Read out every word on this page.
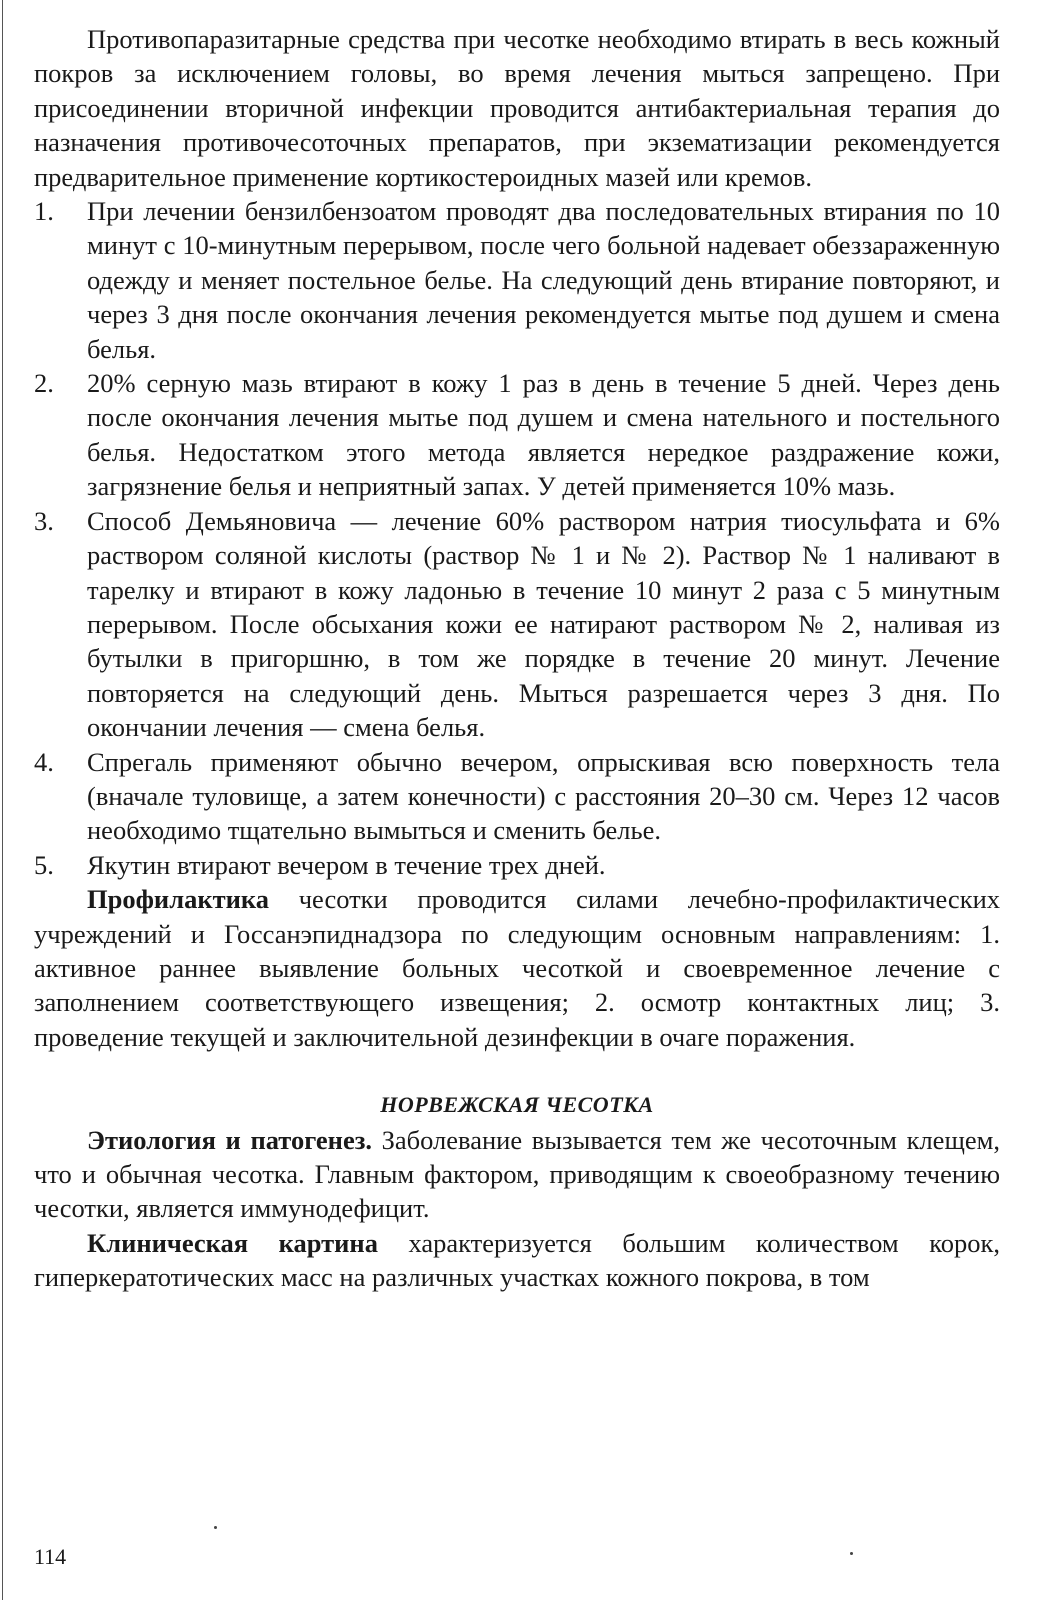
Противопаразитарные средства при чесотке необходимо втирать в весь кожный покров за исключением головы, во время лечения мыться запрещено. При присоединении вторичной инфекции проводится антибактериальная терапия до назначения противочесоточных препаратов, при экзематизации рекомендуется предварительное применение кортикостероидных мазей или кремов.

1.	При лечении бензилбензоатом проводят два последовательных втирания по 10 минут с 10-минутным перерывом, после чего больной надевает обеззараженную одежду и меняет постельное белье. На следующий день втирание повторяют, и через 3 дня после окончания лечения рекомендуется мытье под душем и смена белья.
2.	20% серную мазь втирают в кожу 1 раз в день в течение 5 дней. Через день после окончания лечения мытье под душем и смена нательного и постельного белья. Недостатком этого метода является нередкое раздражение кожи, загрязнение белья и неприятный запах. У детей применяется 10% мазь.
3.	Способ Демьяновича — лечение 60% раствором натрия тиосульфата и 6% раствором соляной кислоты (раствор № 1 и № 2). Раствор № 1 наливают в тарелку и втирают в кожу ладонью в течение 10 минут 2 раза с 5 минутным перерывом. После обсыхания кожи ее натирают раствором № 2, наливая из бутылки в пригоршню, в том же порядке в течение 20 минут. Лечение повторяется на следующий день. Мыться разрешается через 3 дня. По окончании лечения — смена белья.
4.	Спрегаль применяют обычно вечером, опрыскивая всю поверхность тела (вначале туловище, а затем конечности) с расстояния 20–30 см. Через 12 часов необходимо тщательно вымыться и сменить белье.
5.	Якутин втирают вечером в течение трех дней.

Профилактика чесотки проводится силами лечебно-профилактических учреждений и Госсанэпиднадзора по следующим основным направлениям: 1. активное раннее выявление больных чесоткой и своевременное лечение с заполнением соответствующего извещения; 2. осмотр контактных лиц; 3. проведение текущей и заключительной дезинфекции в очаге поражения.

НОРВЕЖСКАЯ ЧЕСОТКА

Этиология и патогенез. Заболевание вызывается тем же чесоточным клещем, что и обычная чесотка. Главным фактором, приводящим к своеобразному течению чесотки, является иммунодефицит.

Клиническая картина характеризуется большим количеством корок, гиперкератотических масс на различных участках кожного покрова, в том

114
